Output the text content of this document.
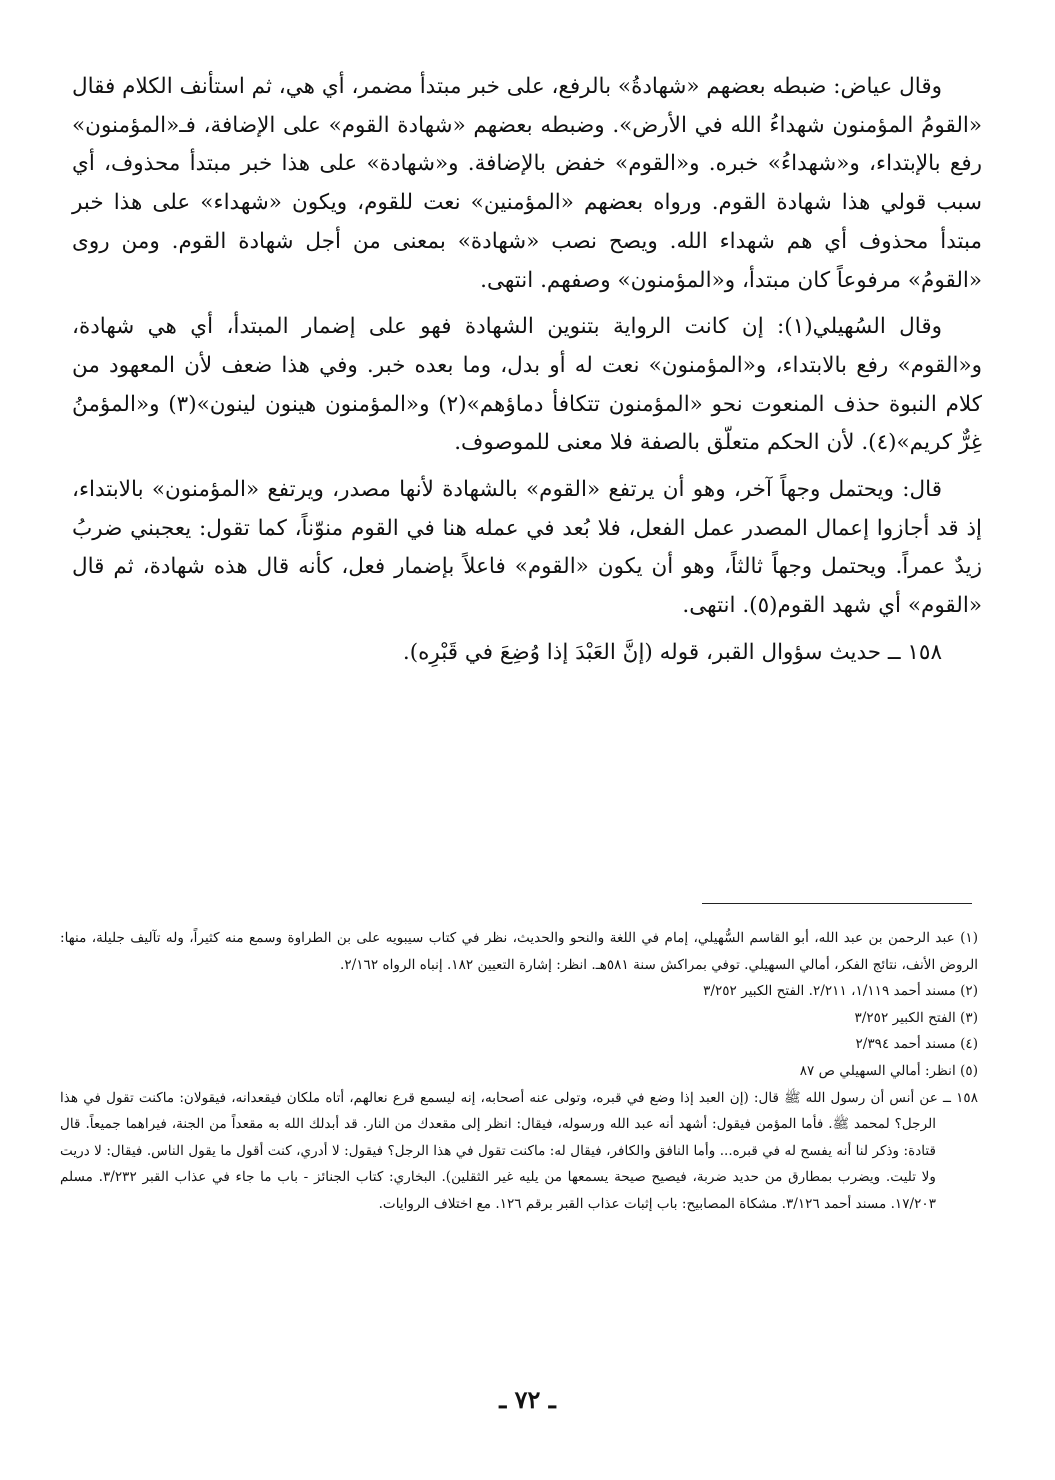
وقال عياض: ضبطه بعضهم «شهادةُ» بالرفع، على خبر مبتدأ مضمر، أي هي، ثم استأنف الكلام فقال «القومُ المؤمنون شهداءُ الله في الأرض». وضبطه بعضهم «شهادة القوم» على الإضافة، فـ«المؤمنون» رفع بالإبتداء، و«شهداءُ» خبره. و«القوم» خفض بالإضافة. و«شهادة» على هذا خبر مبتدأ محذوف، أي سبب قولي هذا شهادة القوم. ورواه بعضهم «المؤمنين» نعت للقوم، ويكون «شهداء» على هذا خبر مبتدأ محذوف أي هم شهداء الله. ويصح نصب «شهادة» بمعنى من أجل شهادة القوم. ومن روى «القومُ» مرفوعاً كان مبتدأ، و«المؤمنون» وصفهم. انتهى.

وقال السُهيلي(١): إن كانت الرواية بتنوين الشهادة فهو على إضمار المبتدأ، أي هي شهادة، و«القوم» رفع بالابتداء، و«المؤمنون» نعت له أو بدل، وما بعده خبر. وفي هذا ضعف لأن المعهود من كلام النبوة حذف المنعوت نحو «المؤمنون تتكافأ دماؤهم»(٢) و«المؤمنون هينون لينون»(٣) و«المؤمنُ غِرٌّ كريم»(٤). لأن الحكم متعلّق بالصفة فلا معنى للموصوف.

قال: ويحتمل وجهاً آخر، وهو أن يرتفع «القوم» بالشهادة لأنها مصدر، ويرتفع «المؤمنون» بالابتداء، إذ قد أجازوا إعمال المصدر عمل الفعل، فلا بُعد في عمله هنا في القوم منوّناً، كما تقول: يعجبني ضربُ زيدٌ عمراً. ويحتمل وجهاً ثالثاً، وهو أن يكون «القوم» فاعلاً بإضمار فعل، كأنه قال هذه شهادة، ثم قال «القوم» أي شهد القوم(٥). انتهى.

١٥٨ ــ حديث سؤوال القبر، قوله (إنَّ العَبْدَ إذا وُضِعَ في قَبْرِه).

(١) عبد الرحمن بن عبد الله، أبو القاسم السُّهيلي، إمام في اللغة والنحو والحديث، نظر في كتاب سيبويه على بن الطراوة وسمع منه كثيراً، وله تآليف جليلة، منها: الروض الأنف، نتائج الفكر، أمالي السهيلي. توفي بمراكش سنة ٥٨١هـ. انظر: إشارة التعيين ١٨٢. إنباه الرواه ٢/١٦٢.

(٢) مسند أحمد ١/١١٩، ٢/٢١١. الفتح الكبير ٣/٢٥٢

(٣) الفتح الكبير ٣/٢٥٢

(٤) مسند أحمد ٢/٣٩٤

(٥) انظر: أمالي السهيلي ص ٨٧

١٥٨ ــ عن أنس أن رسول الله ﷺ قال: (إن العبد إذا وضع في قبره، وتولى عنه أصحابه، إنه ليسمع قرع نعالهم، أتاه ملكان فيقعدانه، فيقولان: ماكنت تقول في هذا الرجل؟ لمحمد ﷺ. فأما المؤمن فيقول: أشهد أنه عبد الله ورسوله، فيقال: انظر إلى مقعدك من النار. قد أبدلك الله به مقعداً من الجنة، فيراهما جميعاً. قال قتادة: وذكر لنا أنه يفسح له في قبره... وأما النافق والكافر، فيقال له: ماكنت تقول في هذا الرجل؟ فيقول: لا أدري، كنت أقول ما يقول الناس. فيقال: لا دريت ولا تليت. ويضرب بمطارق من حديد ضربة، فيصيح صيحة يسمعها من يليه غير الثقلين). البخاري: كتاب الجنائز - باب ما جاء في عذاب القبر ٣/٢٣٢. مسلم ١٧/٢٠٣. مسند أحمد ٣/١٢٦. مشكاة المصابيح: باب إثبات عذاب القبر برقم ١٢٦. مع اختلاف الروايات.

ـ ٧٢ ـ
